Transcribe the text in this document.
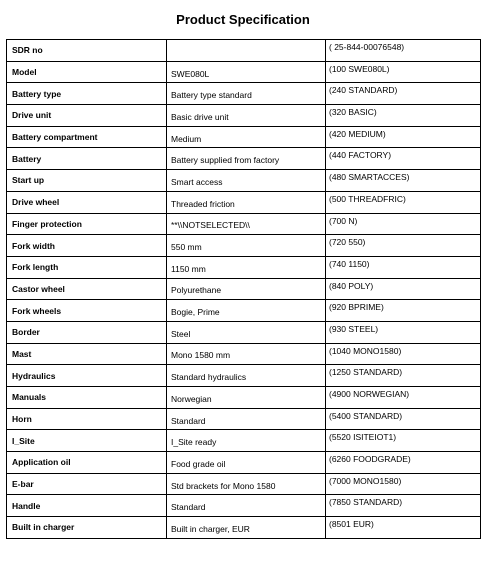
Product Specification
SDR no		( 25-844-00076548)
Model	SWE080L	(100 SWE080L)
Battery type	Battery type standard	(240 STANDARD)
Drive unit	Basic drive unit	(320 BASIC)
Battery compartment	Medium	(420 MEDIUM)
Battery	Battery supplied from factory	(440 FACTORY)
Start up	Smart access	(480 SMARTACCES)
Drive wheel	Threaded friction	(500 THREADFRIC)
Finger protection	**\\NOTSELECTED\\	(700 N)
Fork width	550 mm	(720 550)
Fork length	1150 mm	(740 1150)
Castor wheel	Polyurethane	(840 POLY)
Fork wheels	Bogie, Prime	(920 BPRIME)
Border	Steel	(930 STEEL)
Mast	Mono 1580 mm	(1040 MONO1580)
Hydraulics	Standard hydraulics	(1250 STANDARD)
Manuals	Norwegian	(4900 NORWEGIAN)
Horn	Standard	(5400 STANDARD)
I_Site	I_Site ready	(5520 ISITEIOT1)
Application oil	Food grade oil	(6260 FOODGRADE)
E-bar	Std brackets for Mono 1580	(7000 MONO1580)
Handle	Standard	(7850 STANDARD)
Built in charger	Built in charger, EUR	(8501 EUR)
